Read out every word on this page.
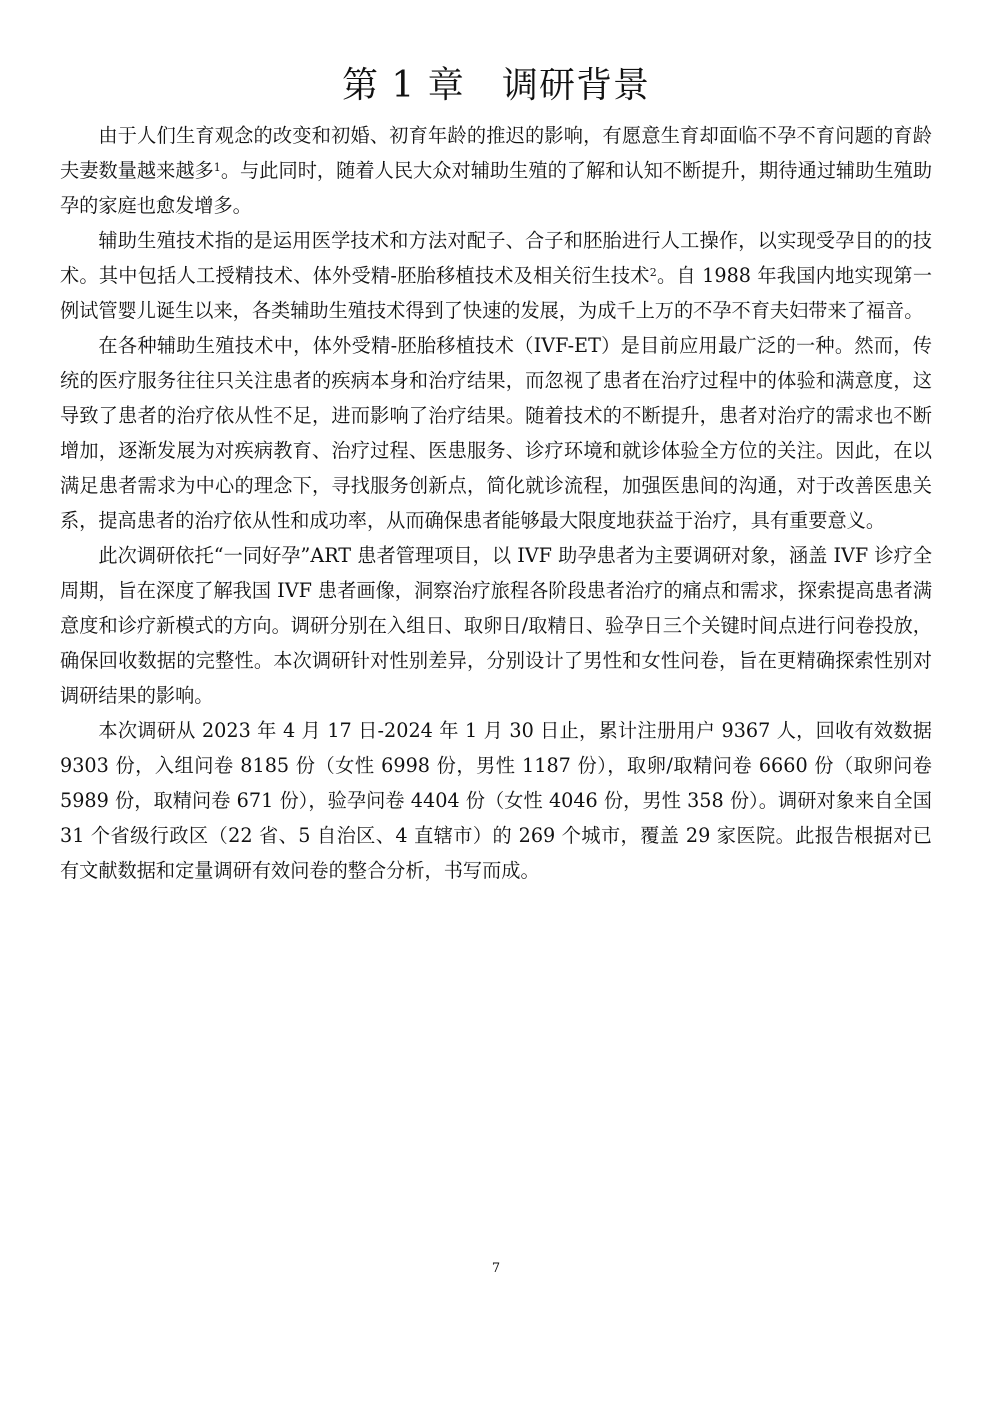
第 1 章   调研背景

由于人们生育观念的改变和初婚、初育年龄的推迟的影响，有愿意生育却面临不孕不育问题的育龄夫妻数量越来越多$^1$。与此同时，随着人民大众对辅助生殖的了解和认知不断提升，期待通过辅助生殖助孕的家庭也愈发增多。

辅助生殖技术指的是运用医学技术和方法对配子、合子和胚胎进行人工操作，以实现受孕目的的技术。其中包括人工授精技术、体外受精-胚胎移植技术及相关衍生技术$^2$。自 1988 年我国内地实现第一例试管婴儿诞生以来，各类辅助生殖技术得到了快速的发展，为成千上万的不孕不育夫妇带来了福音。

在各种辅助生殖技术中，体外受精-胚胎移植技术（IVF-ET）是目前应用最广泛的一种。然而，传统的医疗服务往往只关注患者的疾病本身和治疗结果，而忽视了患者在治疗过程中的体验和满意度，这导致了患者的治疗依从性不足，进而影响了治疗结果。随着技术的不断提升，患者对治疗的需求也不断增加，逐渐发展为对疾病教育、治疗过程、医患服务、诊疗环境和就诊体验全方位的关注。因此，在以满足患者需求为中心的理念下，寻找服务创新点，简化就诊流程，加强医患间的沟通，对于改善医患关系，提高患者的治疗依从性和成功率，从而确保患者能够最大限度地获益于治疗，具有重要意义。

此次调研依托“一同好孕”ART 患者管理项目，以 IVF 助孕患者为主要调研对象，涵盖 IVF 诊疗全周期，旨在深度了解我国 IVF 患者画像，洞察治疗旅程各阶段患者治疗的痛点和需求，探索提高患者满意度和诊疗新模式的方向。调研分别在入组日、取卵日/取精日、验孕日三个关键时间点进行问卷投放，确保回收数据的完整性。本次调研针对性别差异，分别设计了男性和女性问卷，旨在更精确探索性别对调研结果的影响。

本次调研从 2023 年 4 月 17 日-2024 年 1 月 30 日止，累计注册用户 9367 人，回收有效数据 9303 份，入组问卷 8185 份（女性 6998 份，男性 1187 份），取卵/取精问卷 6660 份（取卵问卷 5989 份，取精问卷 671 份），验孕问卷 4404 份（女性 4046 份，男性 358 份）。调研对象来自全国 31 个省级行政区（22 省、5 自治区、4 直辖市）的 269 个城市，覆盖 29 家医院。此报告根据对已有文献数据和定量调研有效问卷的整合分析，书写而成。

7
